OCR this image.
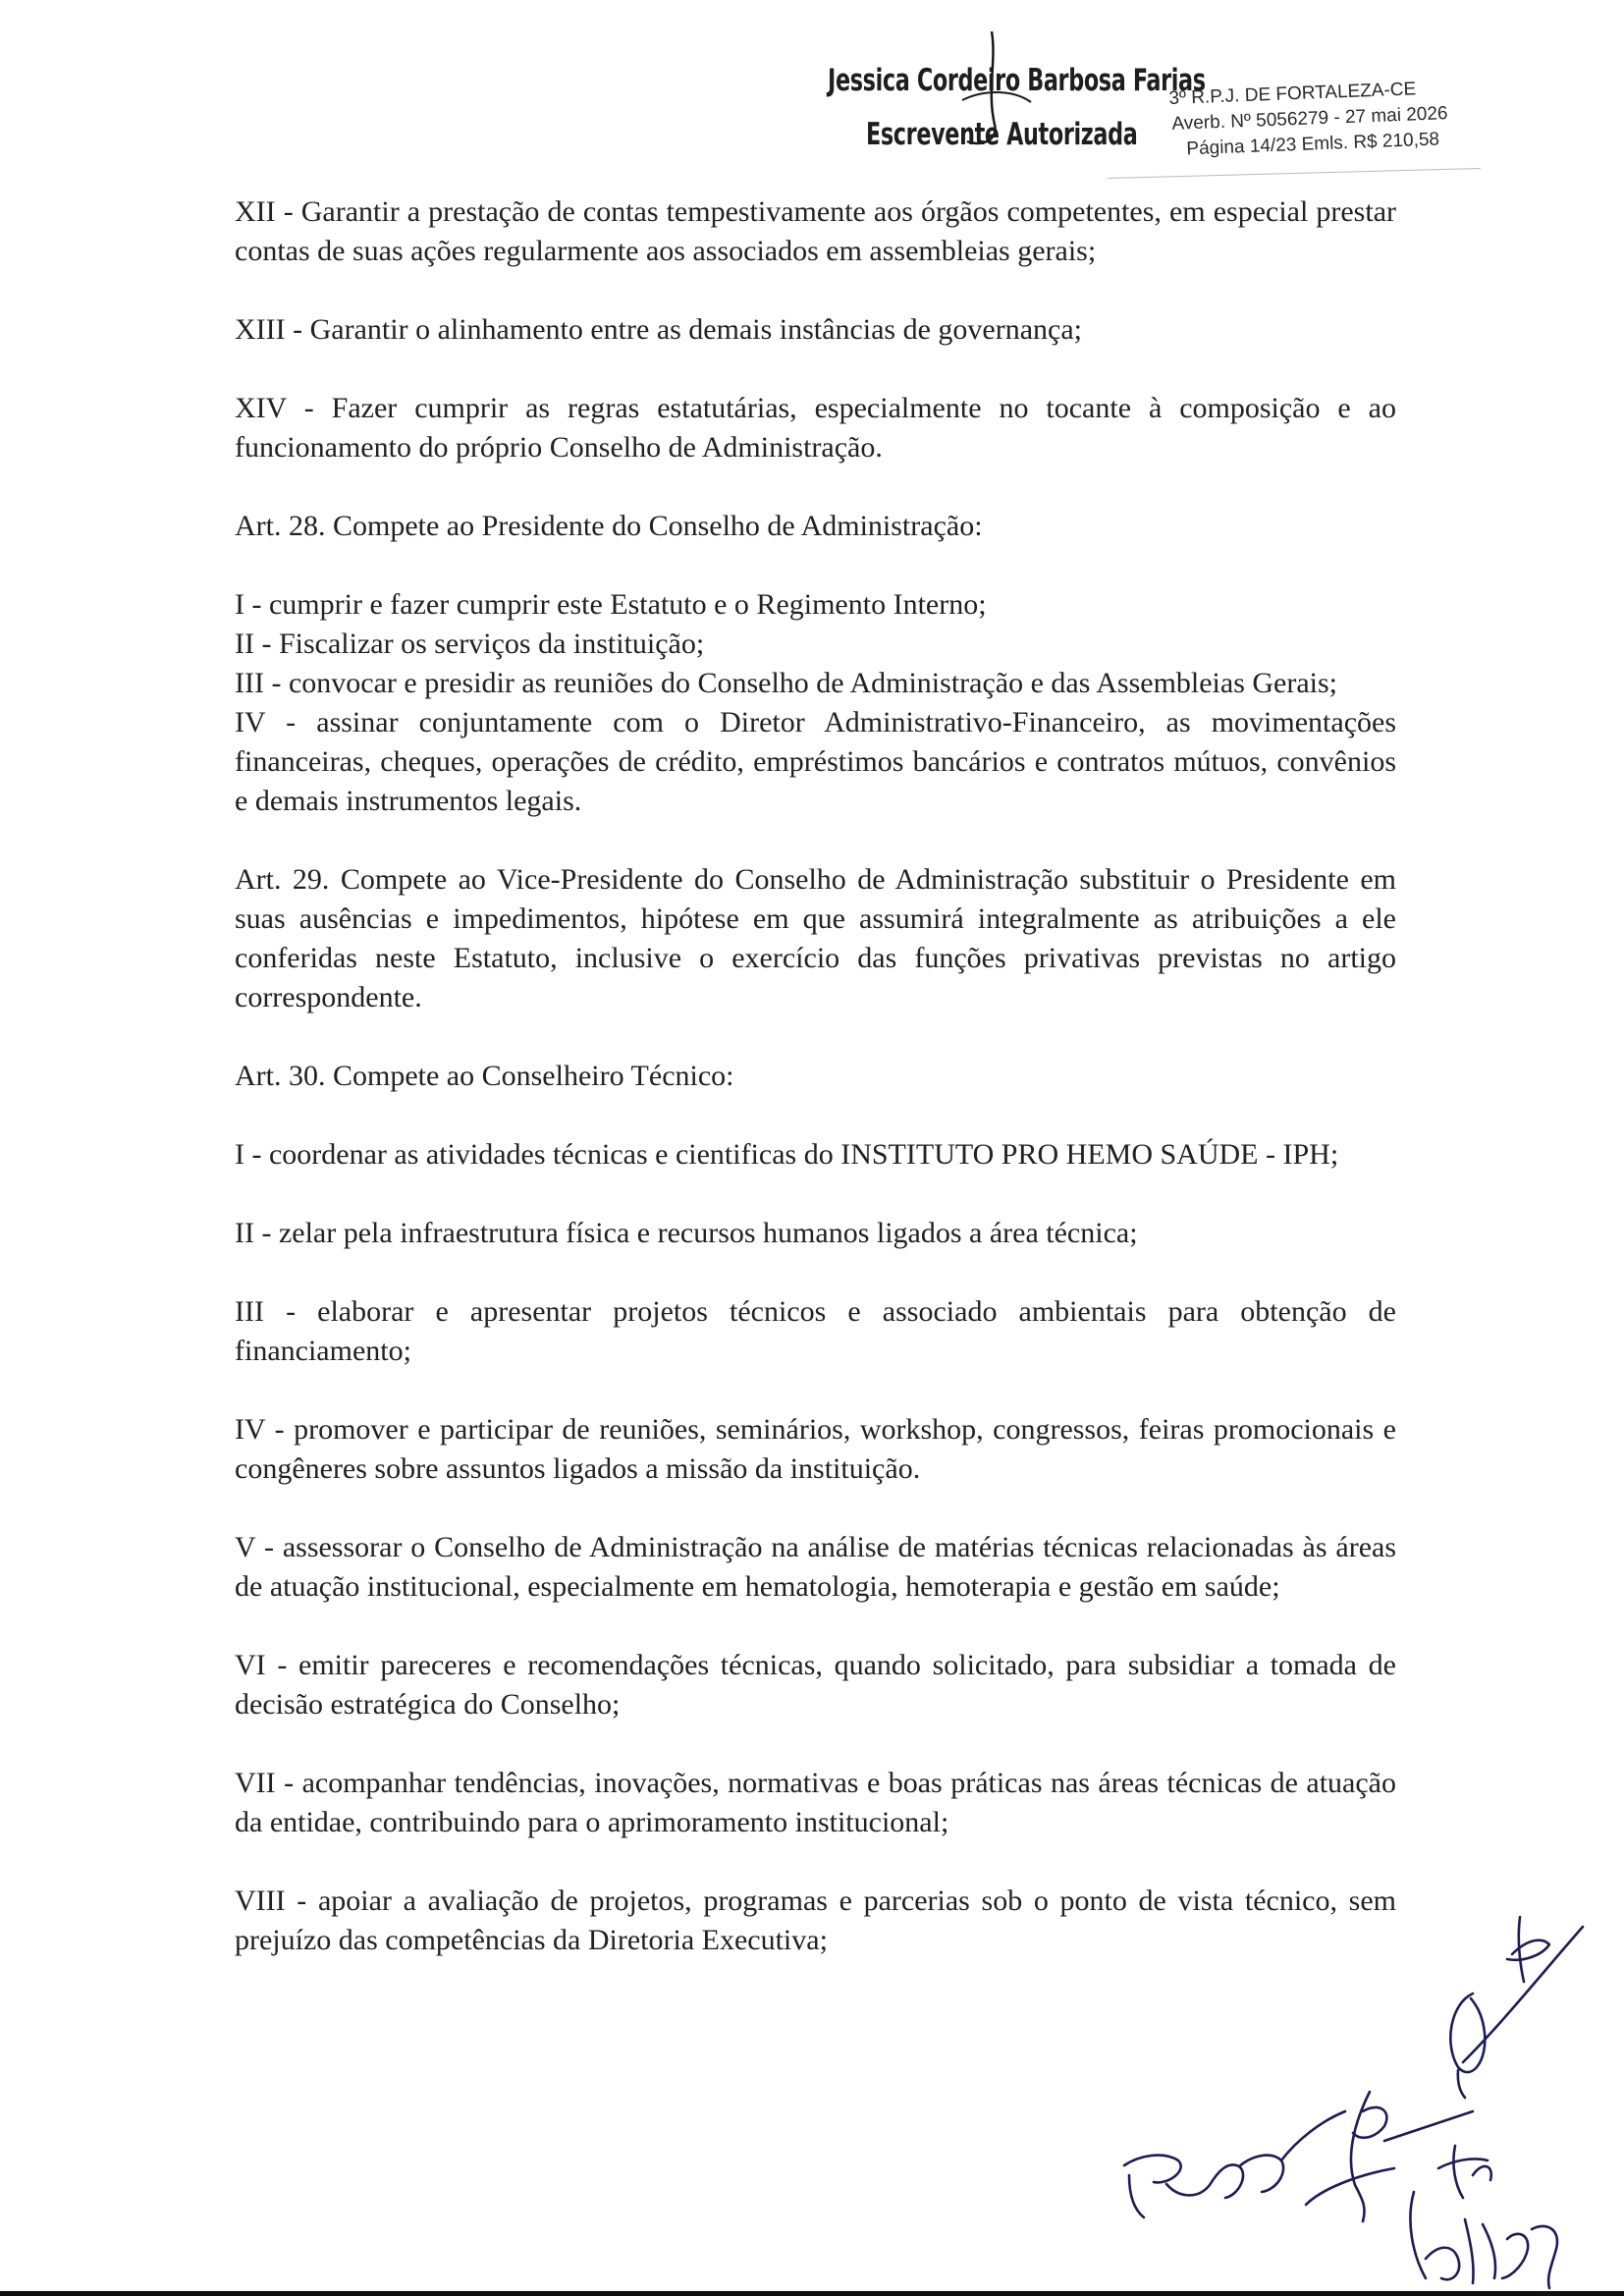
Jessica Cordeiro Barbosa Farias
Escrevente Autorizada
3º R.P.J. DE FORTALEZA-CE
Averb. Nº 5056279 - 27 mai 2026
Página 14/23 Emls. R$ 210,58

XII - Garantir a prestação de contas tempestivamente aos órgãos competentes, em especial prestar contas de suas ações regularmente aos associados em assembleias gerais;

XIII - Garantir o alinhamento entre as demais instâncias de governança;

XIV - Fazer cumprir as regras estatutárias, especialmente no tocante à composição e ao funcionamento do próprio Conselho de Administração.

Art. 28. Compete ao Presidente do Conselho de Administração:

I - cumprir e fazer cumprir este Estatuto e o Regimento Interno;

II - Fiscalizar os serviços da instituição;

III - convocar e presidir as reuniões do Conselho de Administração e das Assembleias Gerais;

IV - assinar conjuntamente com o Diretor Administrativo-Financeiro, as movimentações financeiras, cheques, operações de crédito, empréstimos bancários e contratos mútuos, convênios e demais instrumentos legais.

Art. 29. Compete ao Vice-Presidente do Conselho de Administração substituir o Presidente em suas ausências e impedimentos, hipótese em que assumirá integralmente as atribuições a ele conferidas neste Estatuto, inclusive o exercício das funções privativas previstas no artigo correspondente.

Art. 30. Compete ao Conselheiro Técnico:

I - coordenar as atividades técnicas e cientificas do INSTITUTO PRO HEMO SAÚDE - IPH;

II - zelar pela infraestrutura física e recursos humanos ligados a área técnica;

III - elaborar e apresentar projetos técnicos e associado ambientais para obtenção de financiamento;

IV - promover e participar de reuniões, seminários, workshop, congressos, feiras promocionais e congêneres sobre assuntos ligados a missão da instituição.

V - assessorar o Conselho de Administração na análise de matérias técnicas relacionadas às áreas de atuação institucional, especialmente em hematologia, hemoterapia e gestão em saúde;

VI - emitir pareceres e recomendações técnicas, quando solicitado, para subsidiar a tomada de decisão estratégica do Conselho;

VII - acompanhar tendências, inovações, normativas e boas práticas nas áreas técnicas de atuação da entidae, contribuindo para o aprimoramento institucional;

VIII - apoiar a avaliação de projetos, programas e parcerias sob o ponto de vista técnico, sem prejuízo das competências da Diretoria Executiva;
